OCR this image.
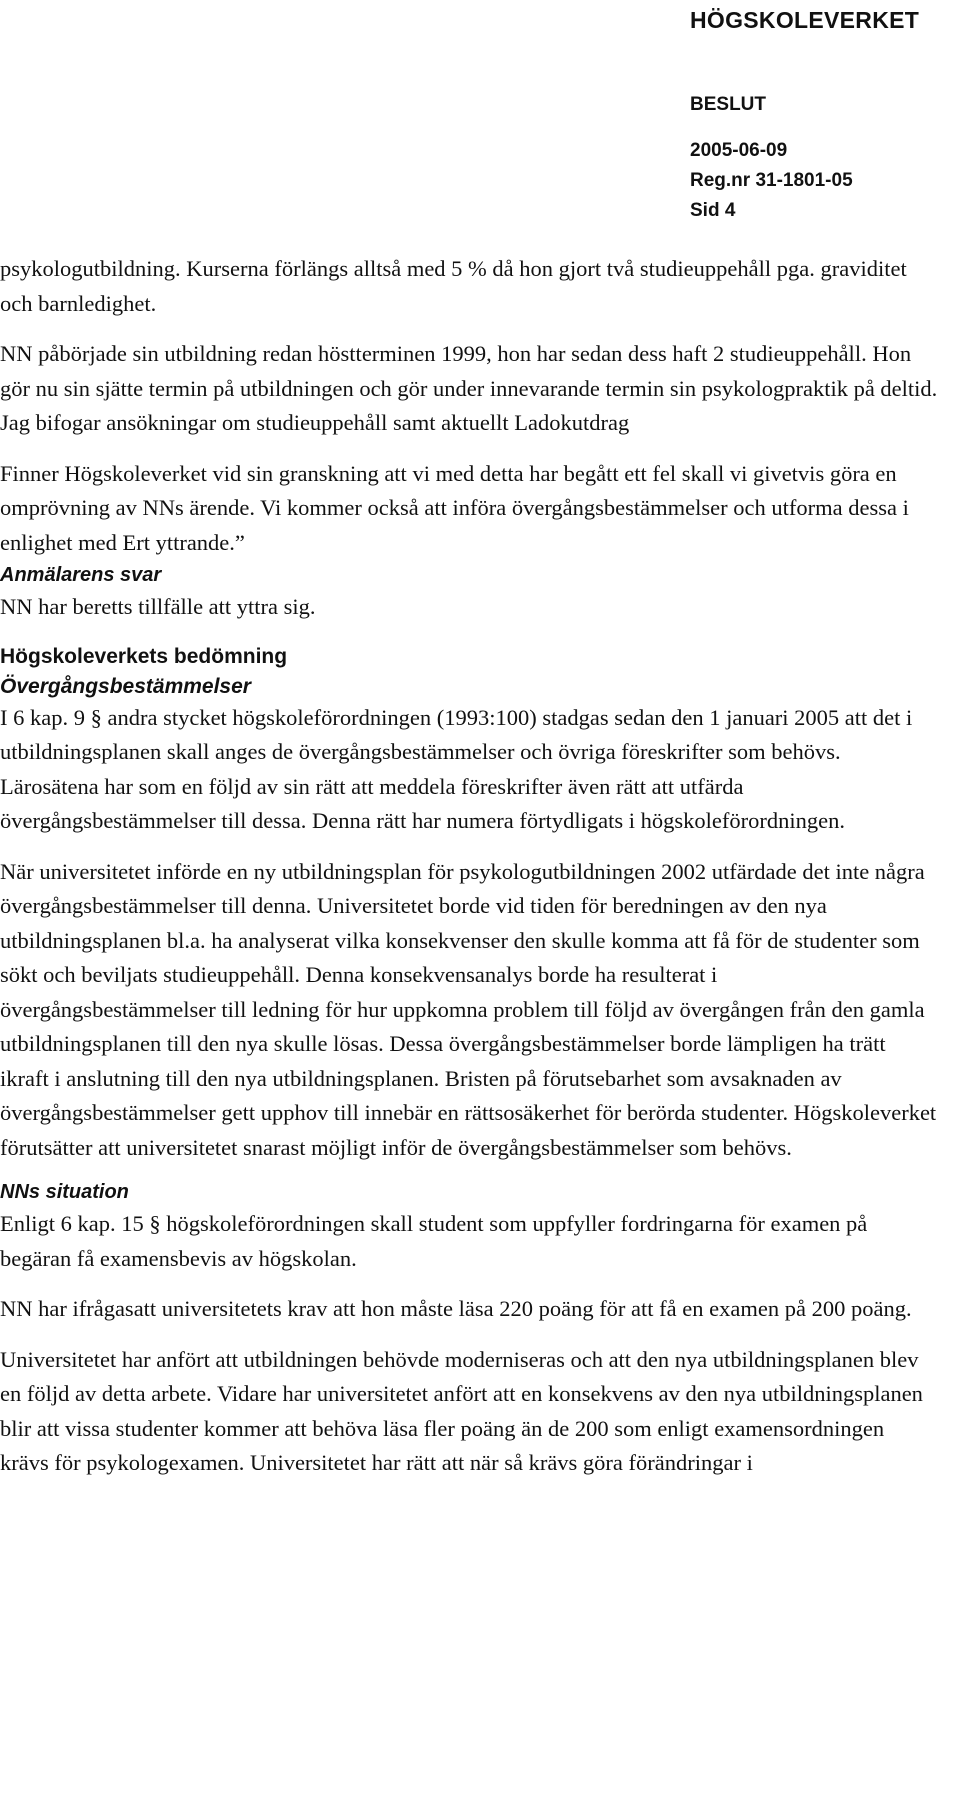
HÖGSKOLEVERKET
BESLUT
2005-06-09
Reg.nr 31-1801-05
Sid 4

psykologutbildning. Kurserna förlängs alltså med 5 % då hon gjort två studieuppehåll pga. graviditet och barnledighet.

NN påbörjade sin utbildning redan höstterminen 1999, hon har sedan dess haft 2 studieuppehåll. Hon gör nu sin sjätte termin på utbildningen och gör under innevarande termin sin psykologpraktik på deltid. Jag bifogar ansökningar om studieuppehåll samt aktuellt Ladokutdrag

Finner Högskoleverket vid sin granskning att vi med detta har begått ett fel skall vi givetvis göra en omprövning av NNs ärende. Vi kommer också att införa övergångsbestämmelser och utforma dessa i enlighet med Ert yttrande.”

Anmälarens svar

NN har beretts tillfälle att yttra sig.

Högskoleverkets bedömning
Övergångsbestämmelser

I 6 kap. 9 § andra stycket högskoleförordningen (1993:100) stadgas sedan den 1 januari 2005 att det i utbildningsplanen skall anges de övergångsbestämmelser och övriga föreskrifter som behövs. Lärosätena har som en följd av sin rätt att meddela föreskrifter även rätt att utfärda övergångsbestämmelser till dessa. Denna rätt har numera förtydligats i högskoleförordningen.

När universitetet införde en ny utbildningsplan för psykologutbildningen 2002 utfärdade det inte några övergångsbestämmelser till denna. Universitetet borde vid tiden för beredningen av den nya utbildningsplanen bl.a. ha analyserat vilka konsekvenser den skulle komma att få för de studenter som sökt och beviljats studieuppehåll. Denna konsekvensanalys borde ha resulterat i övergångsbestämmelser till ledning för hur uppkomna problem till följd av övergången från den gamla utbildningsplanen till den nya skulle lösas. Dessa övergångsbestämmelser borde lämpligen ha trätt ikraft i anslutning till den nya utbildningsplanen. Bristen på förutsebarhet som avsaknaden av övergångsbestämmelser gett upphov till innebär en rättsosäkerhet för berörda studenter. Högskoleverket förutsätter att universitetet snarast möjligt inför de övergångsbestämmelser som behövs.

NNs situation

Enligt 6 kap. 15 § högskoleförordningen skall student som uppfyller fordringarna för examen på begäran få examensbevis av högskolan.

NN har ifrågasatt universitetets krav att hon måste läsa 220 poäng för att få en examen på 200 poäng.

Universitetet har anfört att utbildningen behövde moderniseras och att den nya utbildningsplanen blev en följd av detta arbete. Vidare har universitetet anfört att en konsekvens av den nya utbildningsplanen blir att vissa studenter kommer att behöva läsa fler poäng än de 200 som enligt examensordningen krävs för psykologexamen. Universitetet har rätt att när så krävs göra förändringar i
